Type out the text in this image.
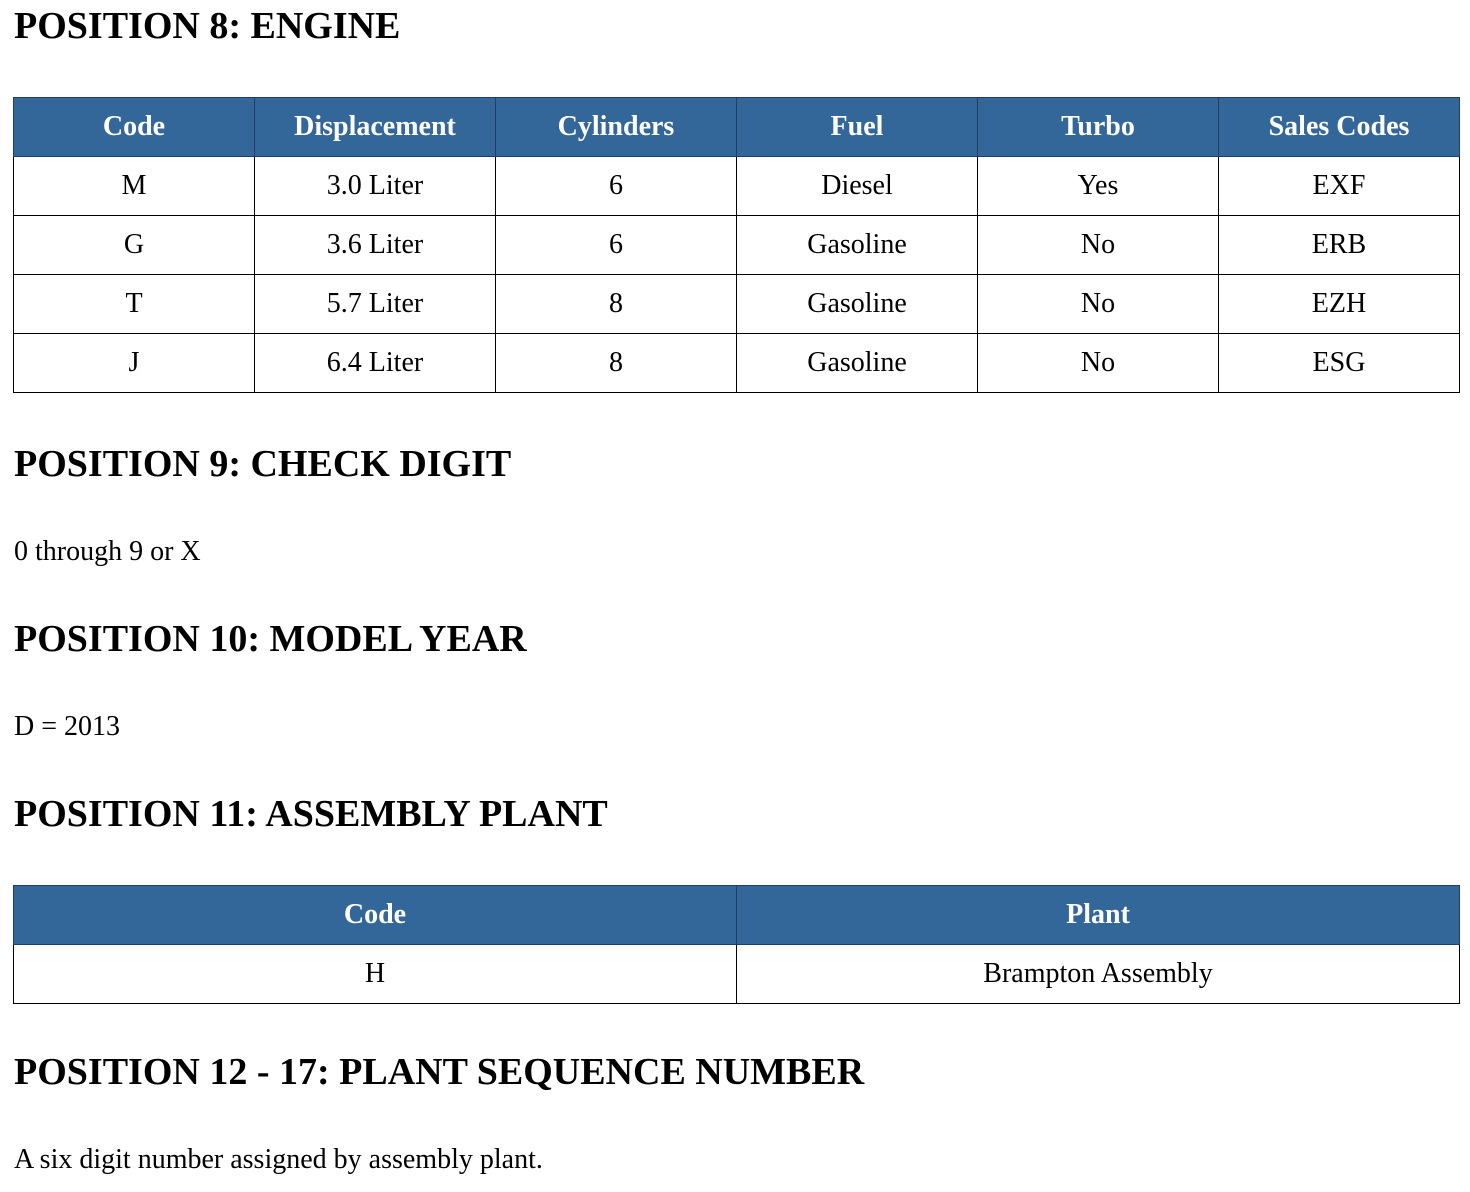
POSITION 8: ENGINE
Code	Displacement	Cylinders	Fuel	Turbo	Sales Codes
M	3.0 Liter	6	Diesel	Yes	EXF
G	3.6 Liter	6	Gasoline	No	ERB
T	5.7 Liter	8	Gasoline	No	EZH
J	6.4 Liter	8	Gasoline	No	ESG
POSITION 9: CHECK DIGIT

0 through 9 or X

POSITION 10: MODEL YEAR

D = 2013

POSITION 11: ASSEMBLY PLANT
Code	Plant
H	Brampton Assembly
POSITION 12 - 17: PLANT SEQUENCE NUMBER

A six digit number assigned by assembly plant.
